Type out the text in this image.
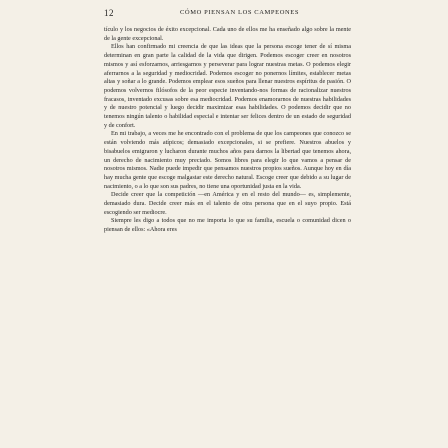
12	CÓMO PIENSAN LOS CAMPEONES

tículo y los negocios de éxito excepcional. Cada uno de ellos me ha enseñado algo sobre la mente de la gente excepcional.

Ellos han confirmado mi creencia de que las ideas que la persona escoge tener de sí misma determinan en gran parte la calidad de la vida que dirigen. Podemos escoger creer en nosotros mismos y así esforzarnos, arriesgarnos y perseverar para lograr nuestras metas. O podemos elegir aferrarnos a la seguridad y mediocridad. Podemos escoger no ponernos límites, establecer metas altas y soñar a lo grande. Podemos emplear esos sueños para llenar nuestros espíritus de pasión. O podemos volvernos filósofos de la peor especie inventando-nos formas de racionalizar nuestros fracasos, inventado excusas sobre esa mediocridad. Podemos enamorarnos de nuestras habilidades y de nuestro potencial y luego decidir maximizar esas habilidades. O podemos decidir que no tenemos ningún talento o habilidad especial e intentar ser felices dentro de un estado de seguridad y de confort.

En mi trabajo, a veces me he encontrado con el problema de que los campeones que conozco se están volviendo más atípicos; demasiado excepcionales, si se prefiere. Nuestros abuelos y bisabuelos emigraron y lucharon durante muchos años para darnos la libertad que tenemos ahora, un derecho de nacimiento muy preciado. Somos libres para elegir lo que vamos a pensar de nosotros mismos. Nadie puede impedir que pensamos nuestros propios sueños. Aunque hoy en día hay mucha gente que escoge malgastar este derecho natural. Escoge creer que debido a su lugar de nacimiento, o a lo que son sus padres, no tiene una oportunidad justa en la vida.

Decide creer que la competición —en América y en el resto del mundo— es, simplemente, demasiado dura. Decide creer más en el talento de otra persona que en el suyo propio. Está escogiendo ser mediocre.

Siempre les digo a todos que no me importa lo que su familia, escuela o comunidad dicen o piensan de ellos: «Ahora eres
